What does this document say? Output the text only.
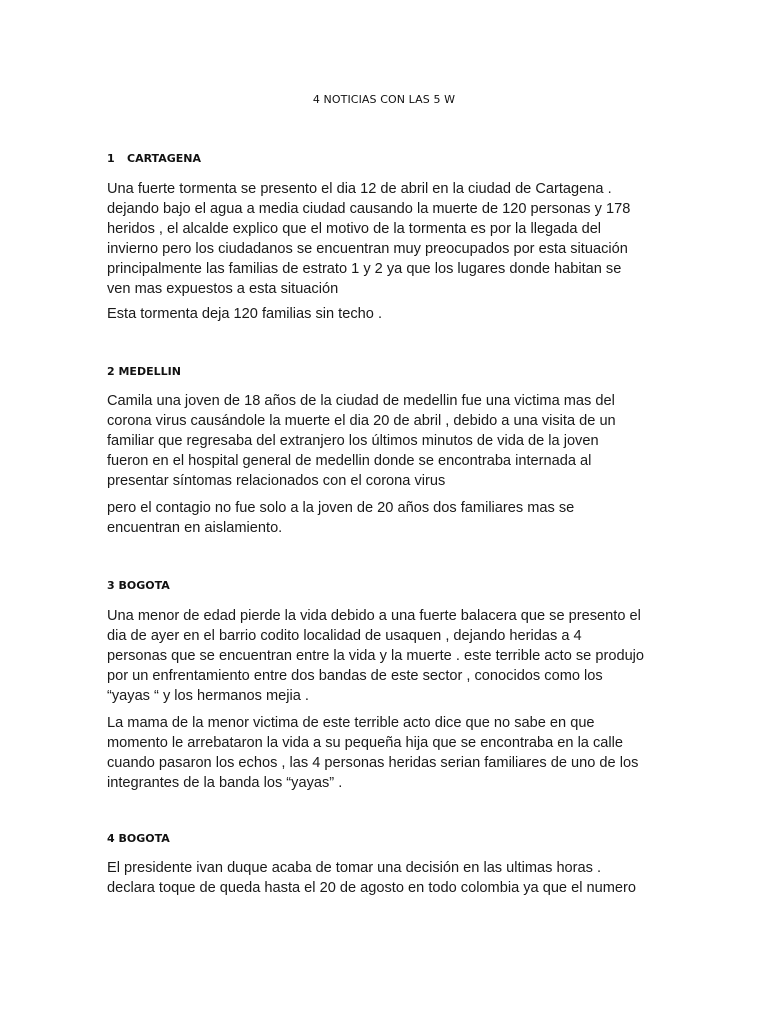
4 NOTICIAS CON LAS 5 W
1 CARTAGENA

Una fuerte tormenta se presento el dia 12 de abril en la ciudad de Cartagena .
dejando bajo el agua a media ciudad causando la muerte de 120 personas y 178
heridos , el alcalde explico que el motivo de la tormenta es por la llegada del
invierno pero los ciudadanos se encuentran muy preocupados por esta situación
principalmente las familias de estrato 1 y 2 ya que los lugares donde habitan se
ven mas expuestos a esta situación

Esta tormenta deja 120 familias sin techo .

2 MEDELLIN

Camila una joven de 18 años de la ciudad de medellin fue una victima mas del
corona virus causándole la muerte el dia 20 de abril , debido a una visita de un
familiar que regresaba del extranjero los últimos minutos de vida de la joven
fueron en el hospital general de medellin donde se encontraba internada al
presentar síntomas relacionados con el corona virus

pero el contagio no fue solo a la joven de 20 años dos familiares mas se
encuentran en aislamiento.

3 BOGOTA

Una menor de edad pierde la vida debido a una fuerte balacera que se presento el
dia de ayer en el barrio codito localidad de usaquen , dejando heridas a 4
personas que se encuentran entre la vida y la muerte . este terrible acto se produjo
por un enfrentamiento entre dos bandas de este sector , conocidos como los
“yayas “ y los hermanos mejia .

La mama de la menor victima de este terrible acto dice que no sabe en que
momento le arrebataron la vida a su pequeña hija que se encontraba en la calle
cuando pasaron los echos , las 4 personas heridas serian familiares de uno de los
integrantes de la banda los “yayas” .

4 BOGOTA

El presidente ivan duque acaba de tomar una decisión en las ultimas horas .
declara toque de queda hasta el 20 de agosto en todo colombia ya que el numero
